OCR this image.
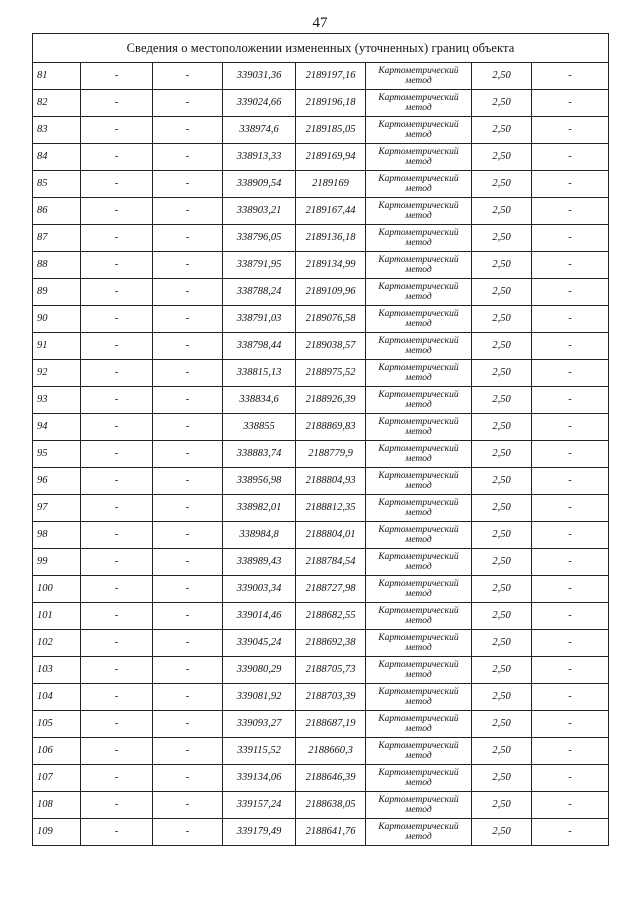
47
Сведения о местоположении измененных (уточненных) границ объекта							
81	-	-	339031,36	2189197,16	Картометрический метод	2,50	-
82	-	-	339024,66	2189196,18	Картометрический метод	2,50	-
83	-	-	338974,6	2189185,05	Картометрический метод	2,50	-
84	-	-	338913,33	2189169,94	Картометрический метод	2,50	-
85	-	-	338909,54	2189169	Картометрический метод	2,50	-
86	-	-	338903,21	2189167,44	Картометрический метод	2,50	-
87	-	-	338796,05	2189136,18	Картометрический метод	2,50	-
88	-	-	338791,95	2189134,99	Картометрический метод	2,50	-
89	-	-	338788,24	2189109,96	Картометрический метод	2,50	-
90	-	-	338791,03	2189076,58	Картометрический метод	2,50	-
91	-	-	338798,44	2189038,57	Картометрический метод	2,50	-
92	-	-	338815,13	2188975,52	Картометрический метод	2,50	-
93	-	-	338834,6	2188926,39	Картометрический метод	2,50	-
94	-	-	338855	2188869,83	Картометрический метод	2,50	-
95	-	-	338883,74	2188779,9	Картометрический метод	2,50	-
96	-	-	338956,98	2188804,93	Картометрический метод	2,50	-
97	-	-	338982,01	2188812,35	Картометрический метод	2,50	-
98	-	-	338984,8	2188804,01	Картометрический метод	2,50	-
99	-	-	338989,43	2188784,54	Картометрический метод	2,50	-
100	-	-	339003,34	2188727,98	Картометрический метод	2,50	-
101	-	-	339014,46	2188682,55	Картометрический метод	2,50	-
102	-	-	339045,24	2188692,38	Картометрический метод	2,50	-
103	-	-	339080,29	2188705,73	Картометрический метод	2,50	-
104	-	-	339081,92	2188703,39	Картометрический метод	2,50	-
105	-	-	339093,27	2188687,19	Картометрический метод	2,50	-
106	-	-	339115,52	2188660,3	Картометрический метод	2,50	-
107	-	-	339134,06	2188646,39	Картометрический метод	2,50	-
108	-	-	339157,24	2188638,05	Картометрический метод	2,50	-
109	-	-	339179,49	2188641,76	Картометрический метод	2,50	-
